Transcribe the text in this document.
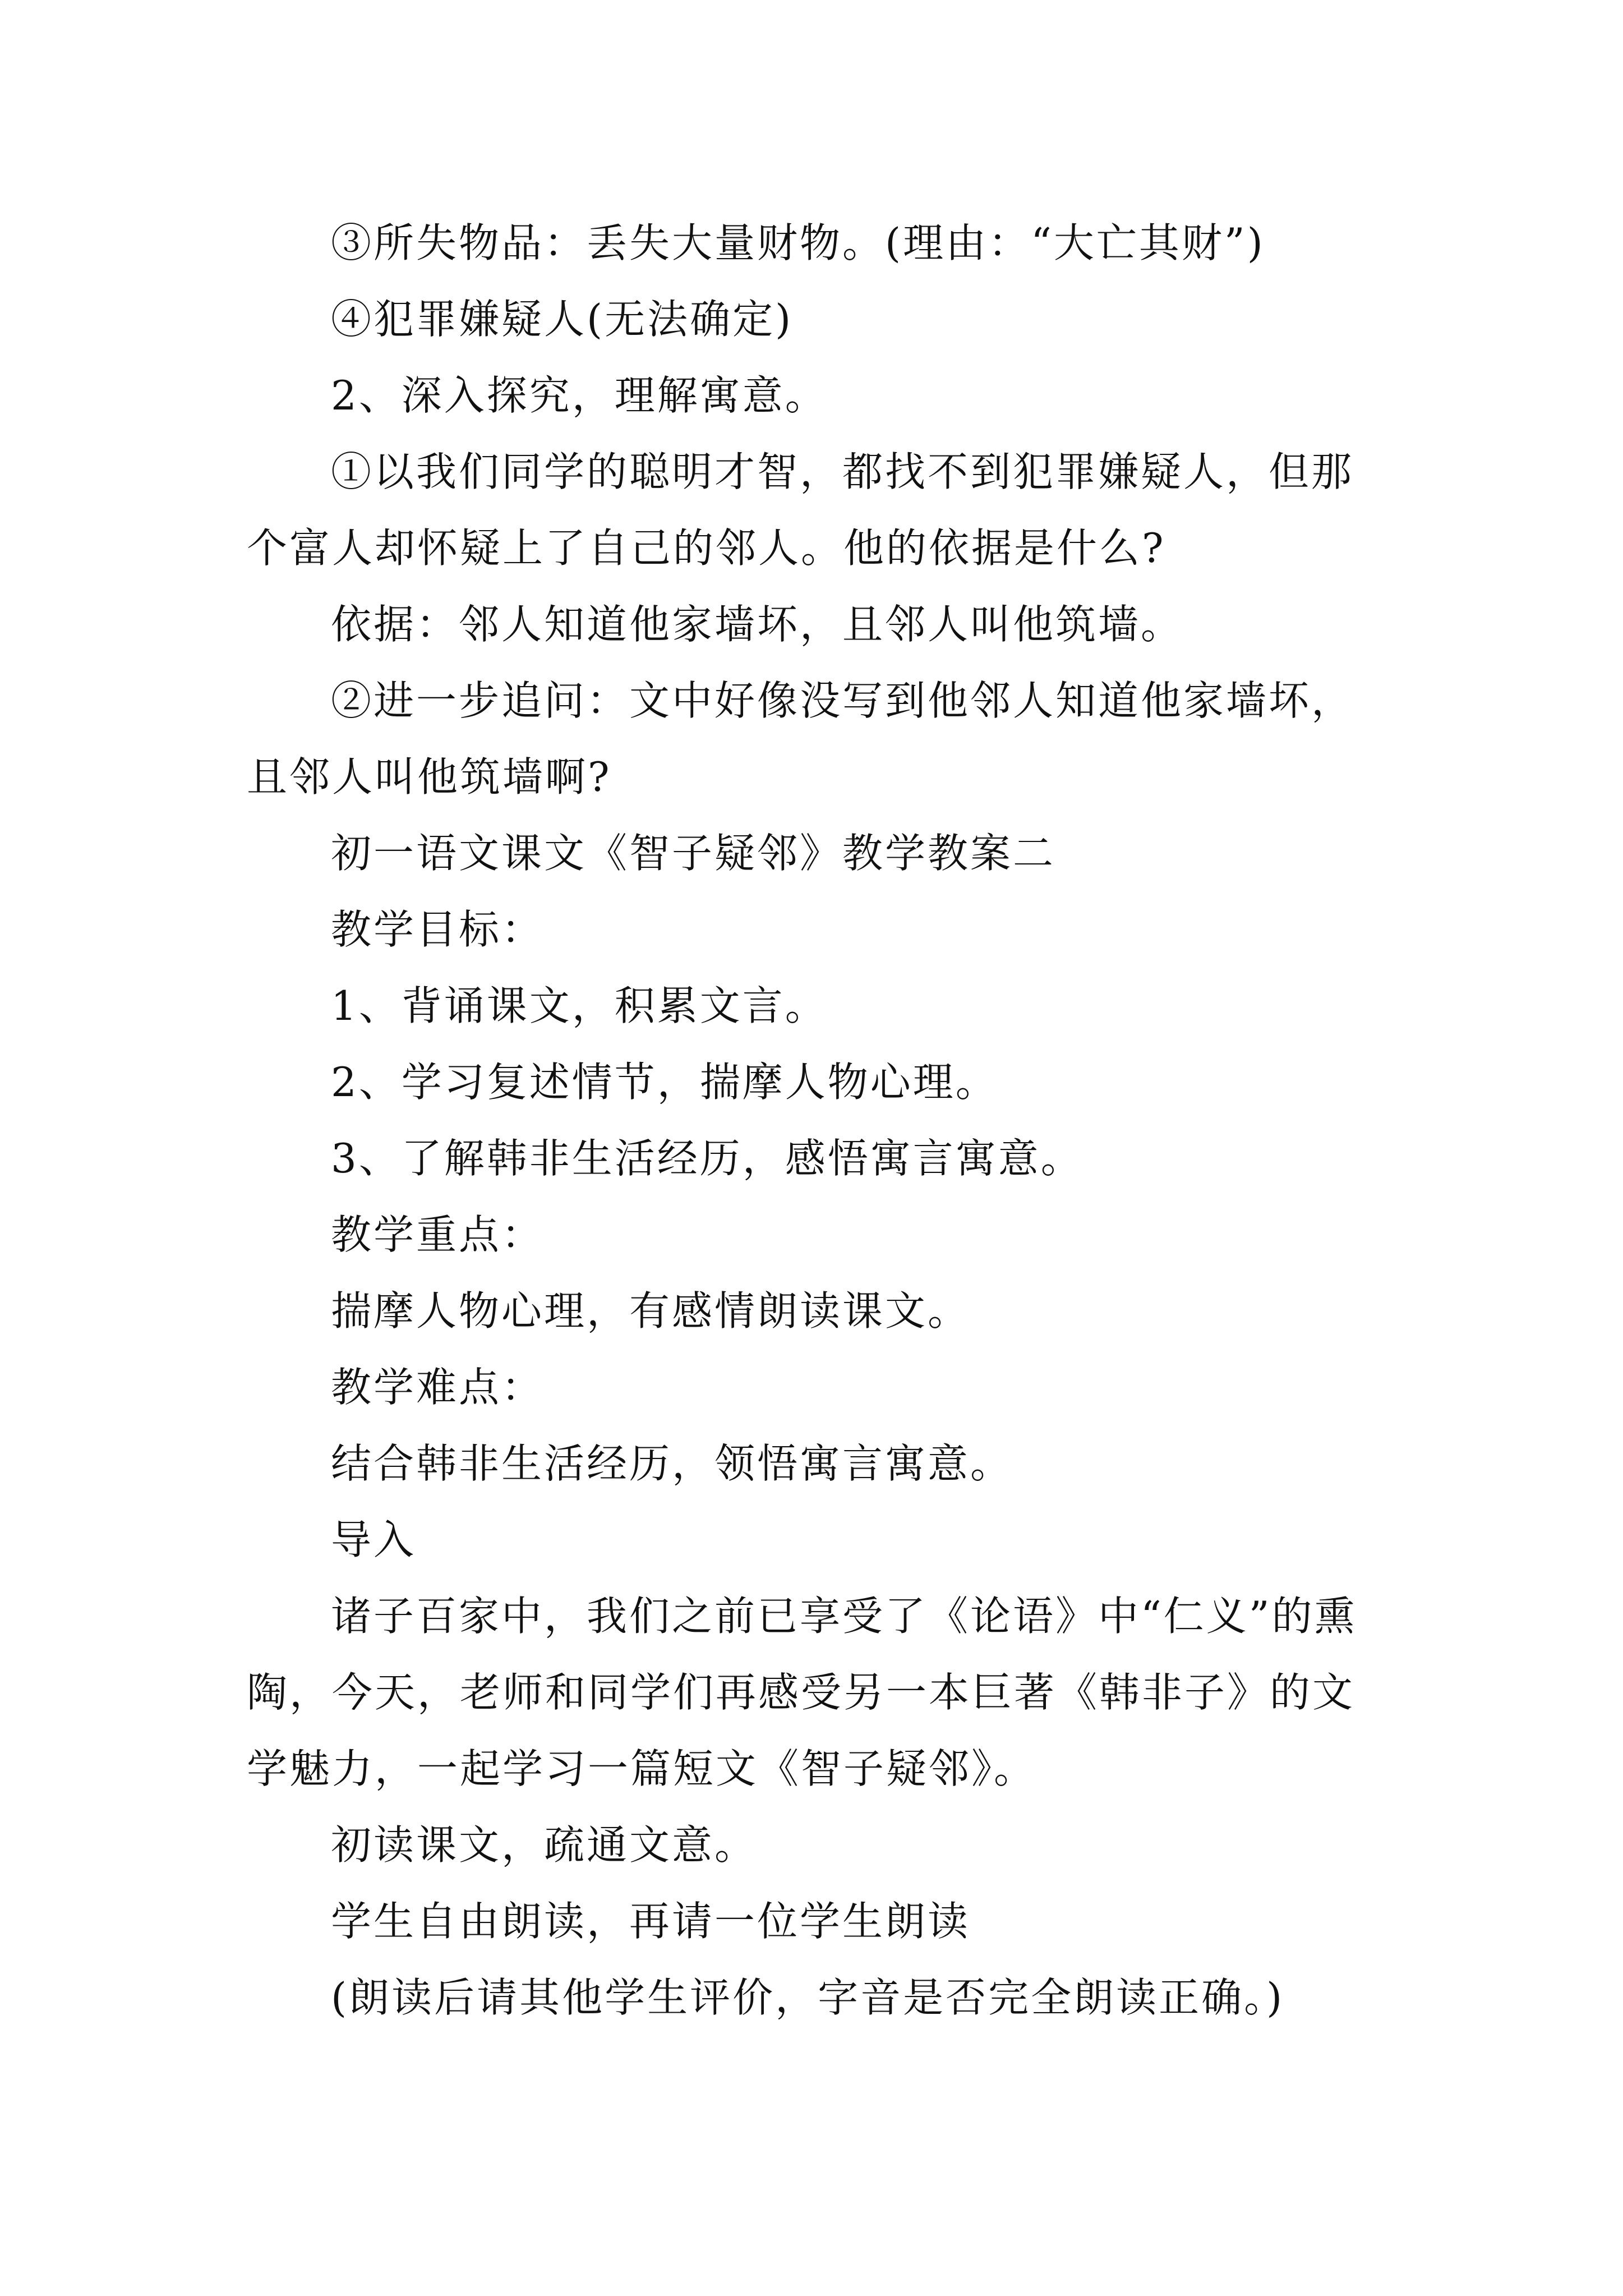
③所失物品：丢失大量财物。(理由：“大亡其财”)

④犯罪嫌疑人(无法确定)

2、深入探究，理解寓意。

①以我们同学的聪明才智，都找不到犯罪嫌疑人，但那个富人却怀疑上了自己的邻人。他的依据是什么?

依据：邻人知道他家墙坏，且邻人叫他筑墙。

②进一步追问：文中好像没写到他邻人知道他家墙坏，且邻人叫他筑墙啊?

初一语文课文《智子疑邻》教学教案二

教学目标：

1、背诵课文，积累文言。

2、学习复述情节，揣摩人物心理。

3、了解韩非生活经历，感悟寓言寓意。

教学重点：

揣摩人物心理，有感情朗读课文。

教学难点：

结合韩非生活经历，领悟寓言寓意。

导入

诸子百家中，我们之前已享受了《论语》中“仁义”的熏陶，今天，老师和同学们再感受另一本巨著《韩非子》的文学魅力，一起学习一篇短文《智子疑邻》。

初读课文，疏通文意。

学生自由朗读，再请一位学生朗读

(朗读后请其他学生评价，字音是否完全朗读正确。)
